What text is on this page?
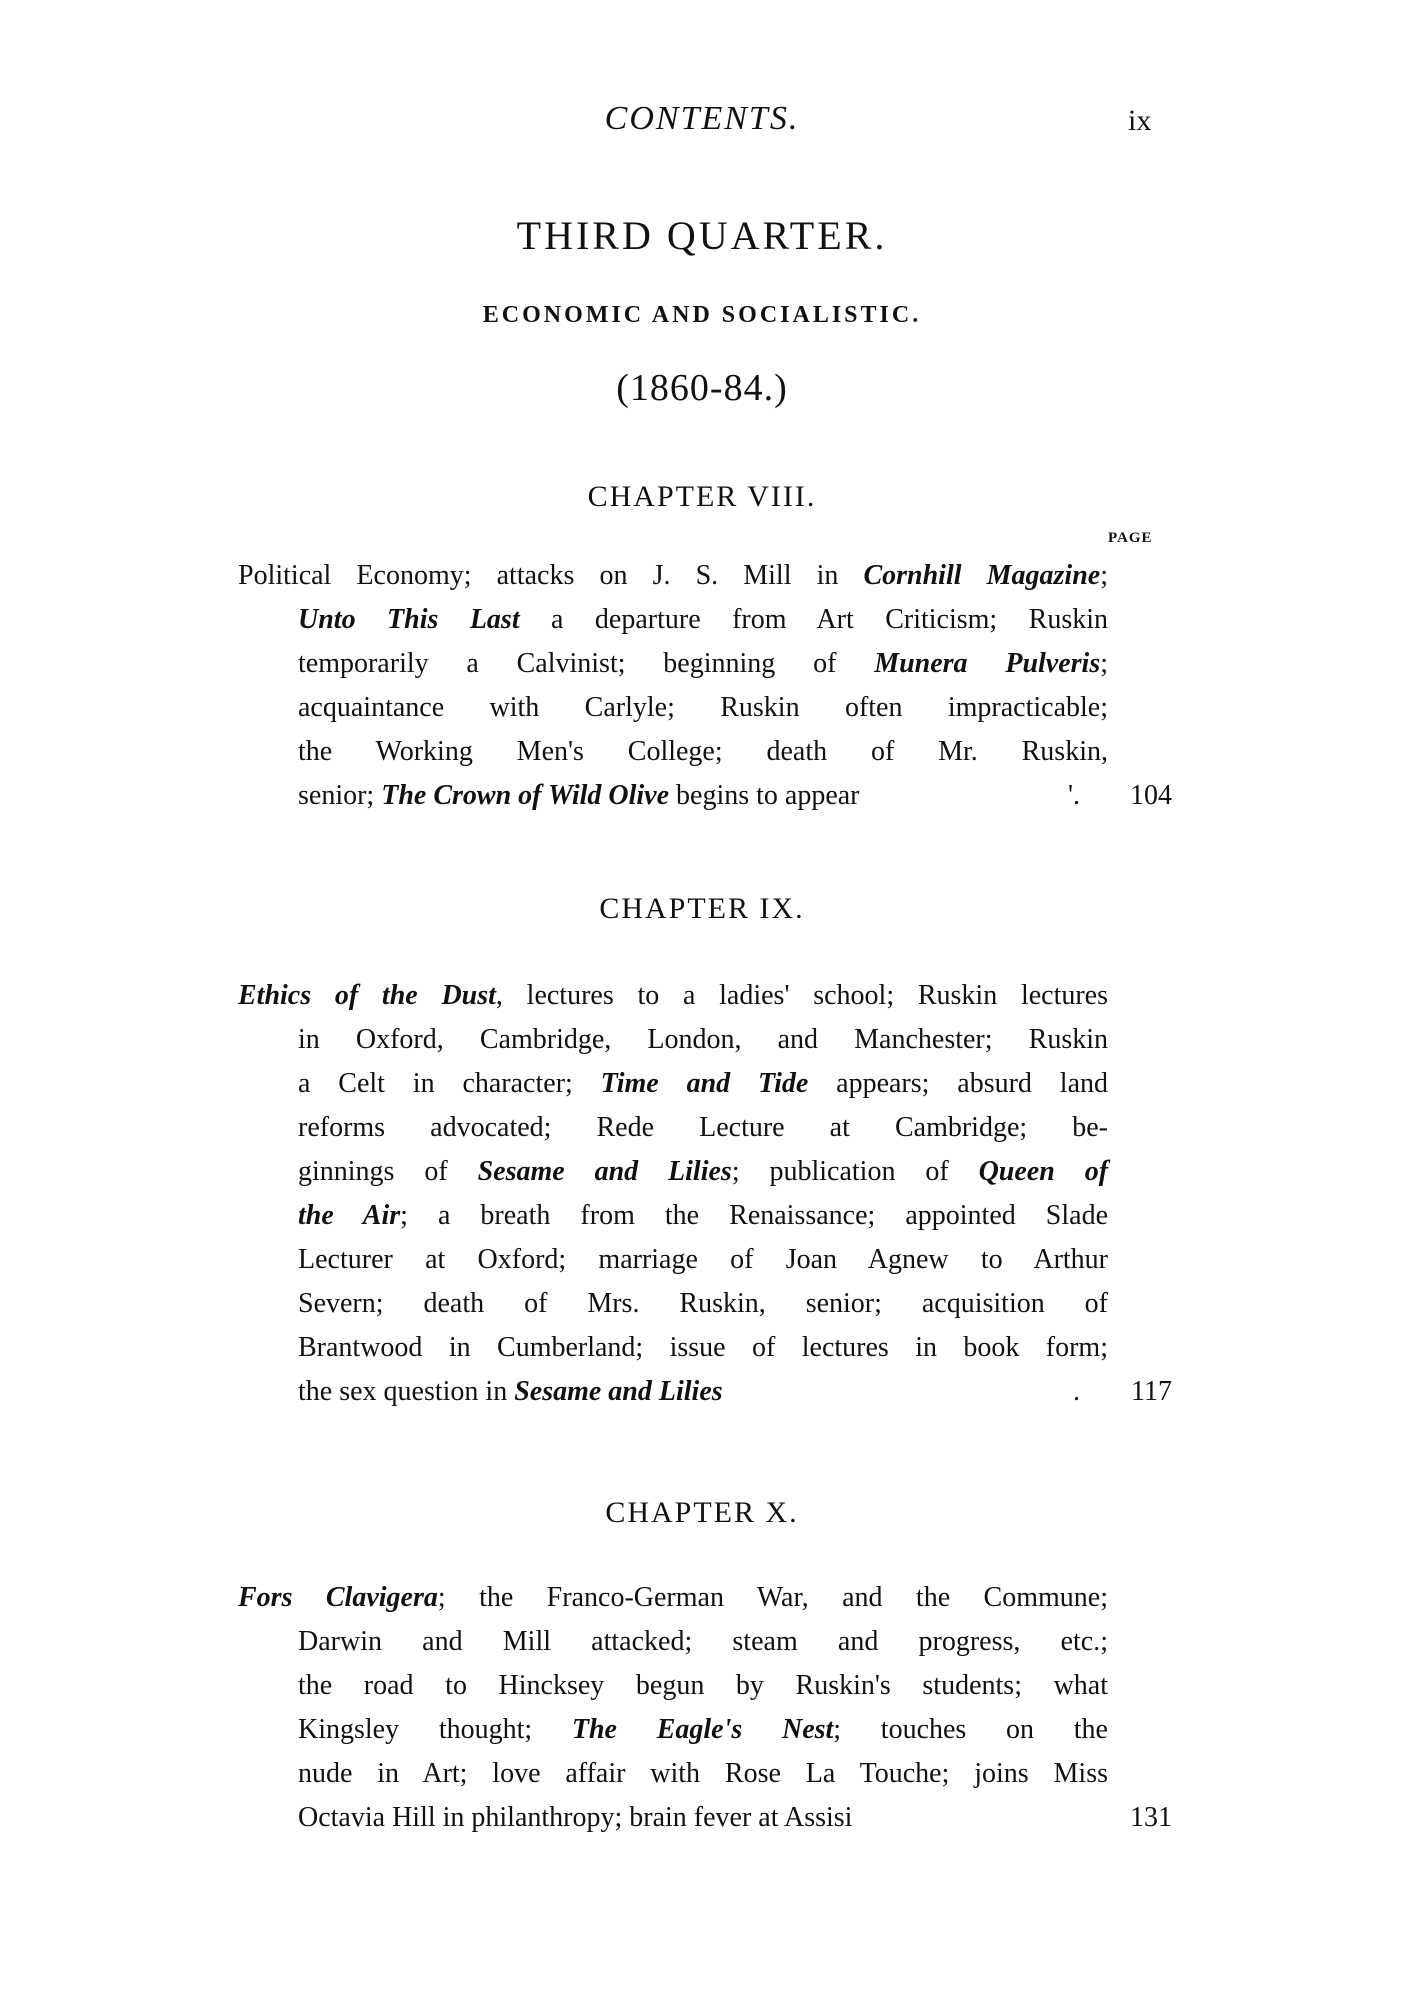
CONTENTS.	ix
THIRD QUARTER.
ECONOMIC AND SOCIALISTIC.
(1860-84.)
CHAPTER VIII.
PAGE
Political Economy; attacks on J. S. Mill in Cornhill Magazine;
Unto This Last a departure from Art Criticism; Ruskin
temporarily a Calvinist; beginning of Munera Pulveris;
acquaintance with Carlyle; Ruskin often impracticable;
the Working Men's College; death of Mr. Ruskin,
senior; The Crown of Wild Olive begins to appear	'.	104
CHAPTER IX.
Ethics of the Dust, lectures to a ladies' school; Ruskin lectures
in Oxford, Cambridge, London, and Manchester; Ruskin
a Celt in character; Time and Tide appears; absurd land
reforms advocated; Rede Lecture at Cambridge; be-
ginnings of Sesame and Lilies; publication of Queen of
the Air; a breath from the Renaissance; appointed Slade
Lecturer at Oxford; marriage of Joan Agnew to Arthur
Severn; death of Mrs. Ruskin, senior; acquisition of
Brantwood in Cumberland; issue of lectures in book form;
the sex question in Sesame and Lilies	.	117
CHAPTER X.
Fors Clavigera; the Franco-German War, and the Commune;
Darwin and Mill attacked; steam and progress, etc.;
the road to Hincksey begun by Ruskin's students; what
Kingsley thought; The Eagle's Nest; touches on the
nude in Art; love affair with Rose La Touche; joins Miss
Octavia Hill in philanthropy; brain fever at Assisi	131
